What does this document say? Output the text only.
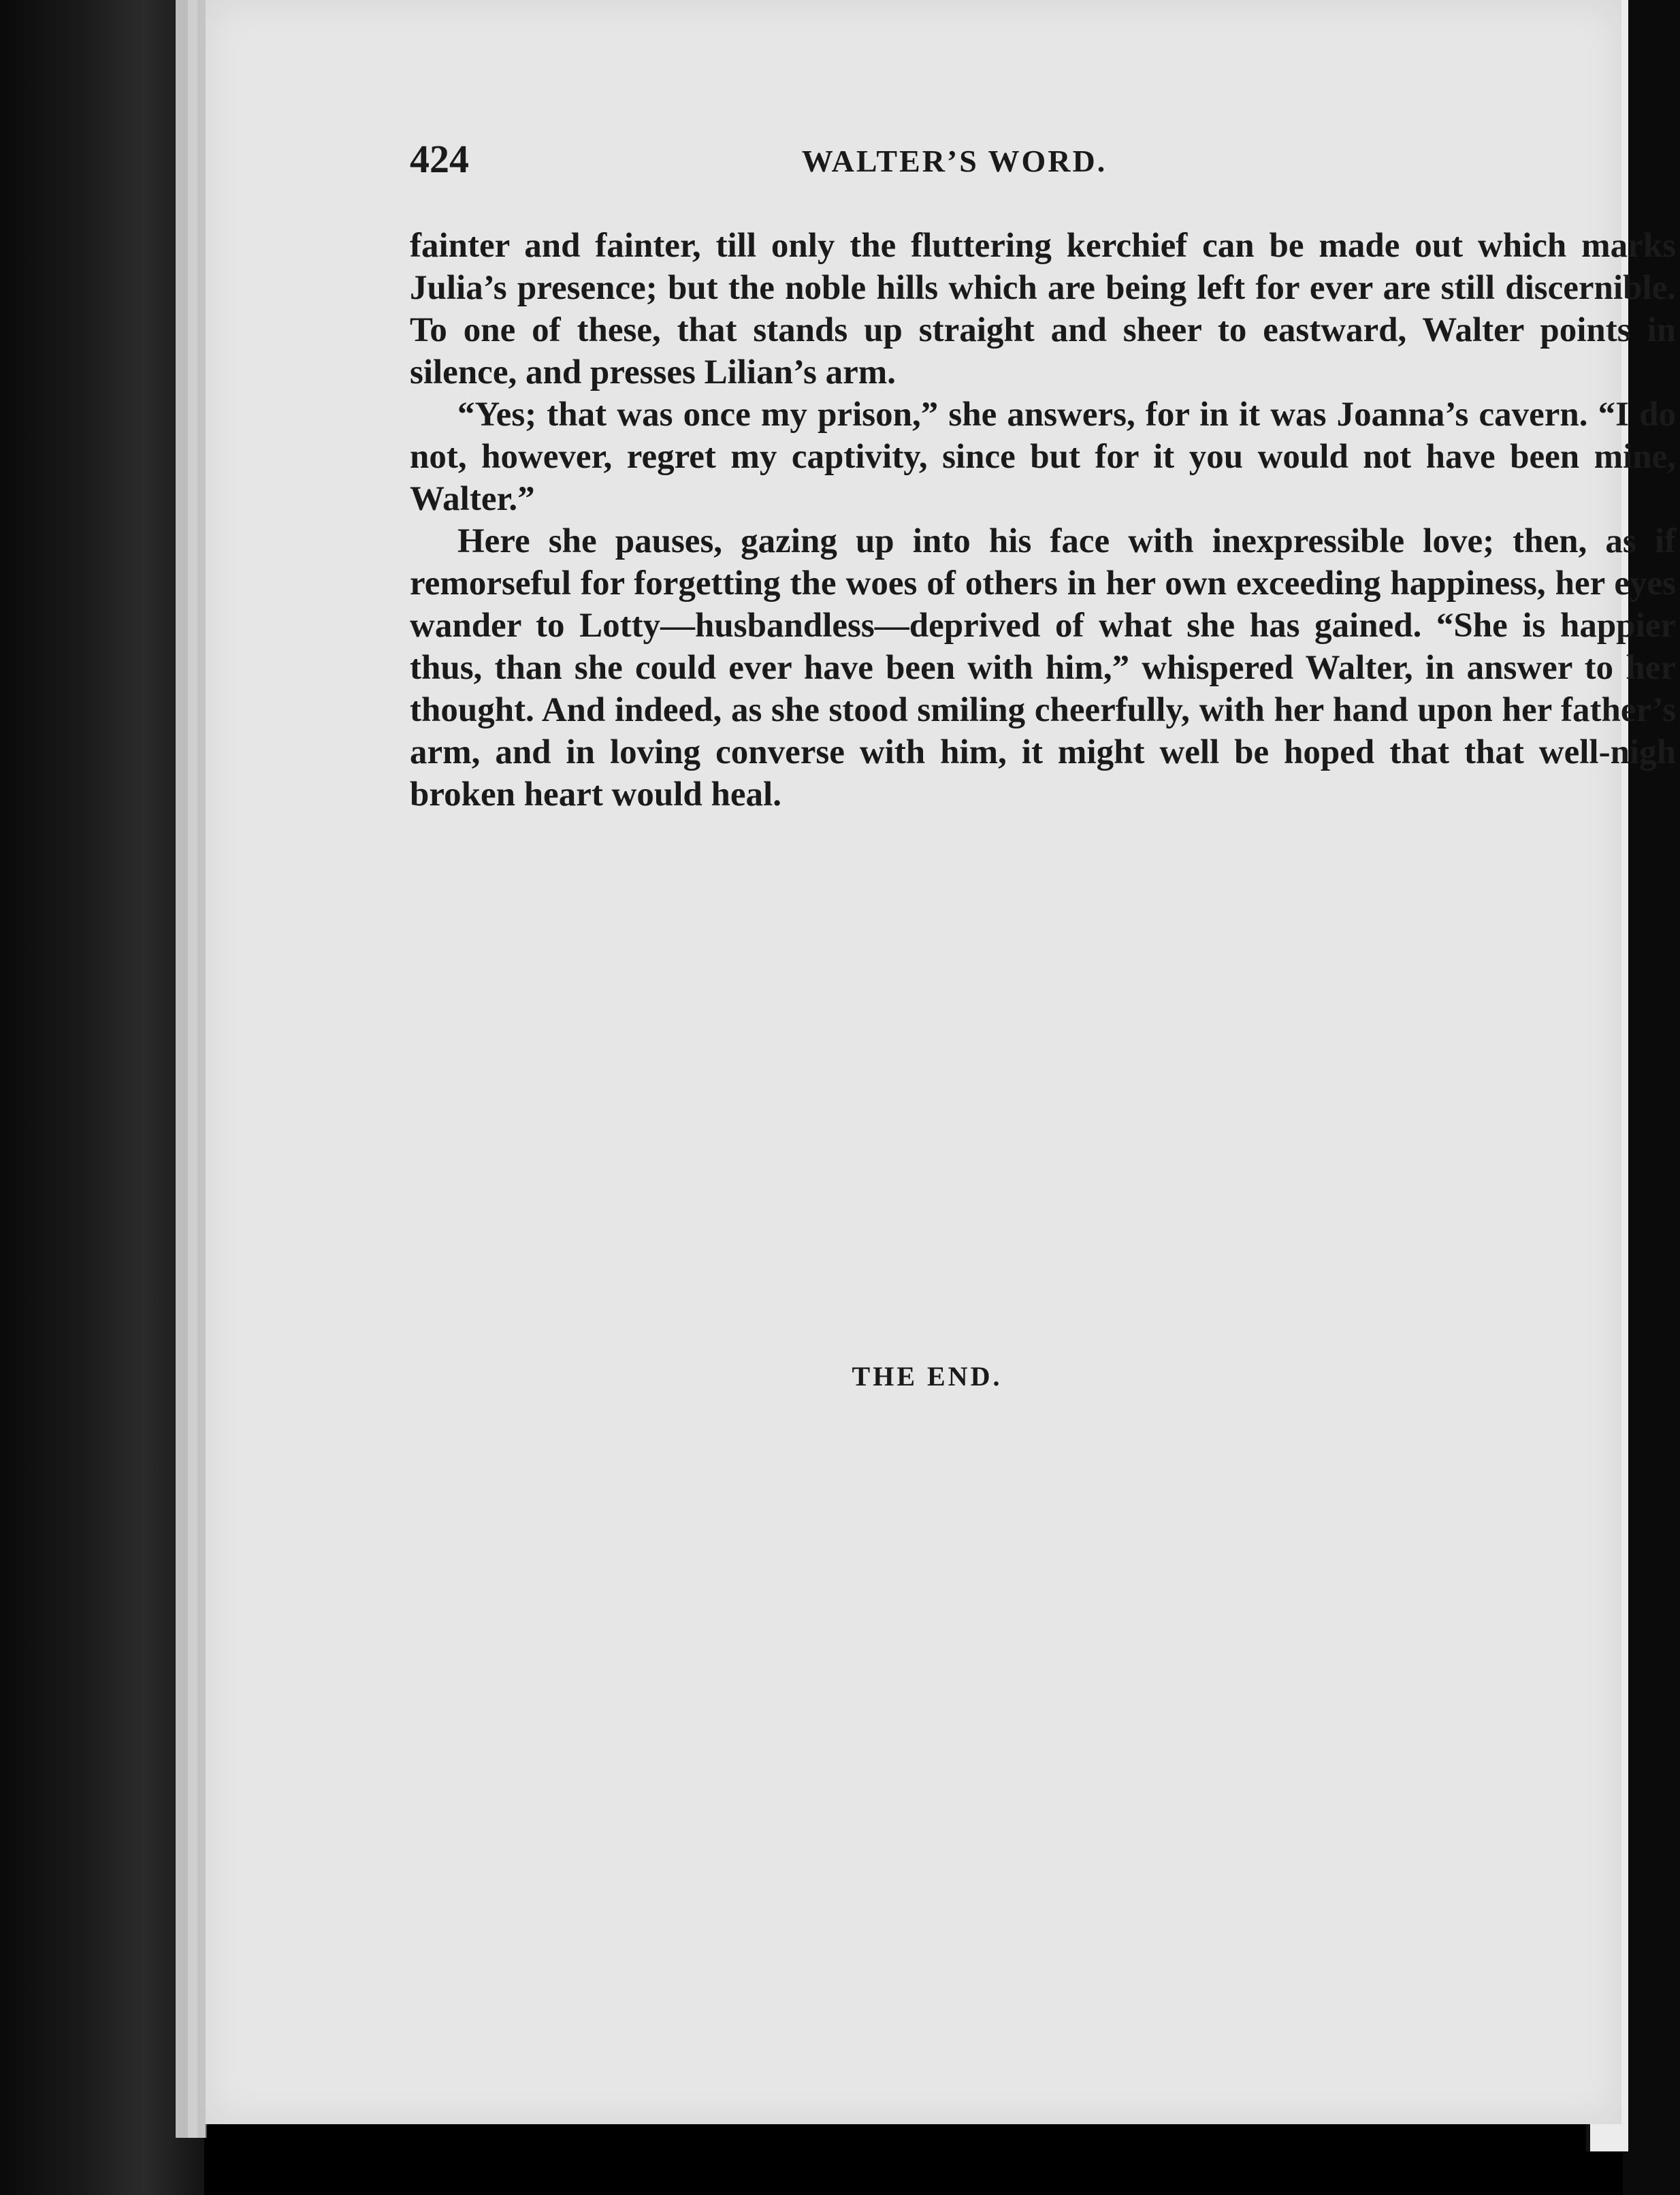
424	WALTER’S WORD.

fainter and fainter, till only the fluttering kerchief can be made out which marks Julia’s presence; but the noble hills which are being left for ever are still discernible. To one of these, that stands up straight and sheer to eastward, Walter points in silence, and presses Lilian’s arm.

“Yes; that was once my prison,” she answers, for in it was Joanna’s cavern. “I do not, however, regret my captivity, since but for it you would not have been mine, Walter.”

Here she pauses, gazing up into his face with inexpressible love; then, as if remorseful for forgetting the woes of others in her own exceeding happiness, her eyes wander to Lotty—husbandless—deprived of what she has gained. “She is happier thus, than she could ever have been with him,” whispered Walter, in answer to her thought. And indeed, as she stood smiling cheerfully, with her hand upon her father’s arm, and in loving converse with him, it might well be hoped that that well-nigh broken heart would heal.

THE END.
